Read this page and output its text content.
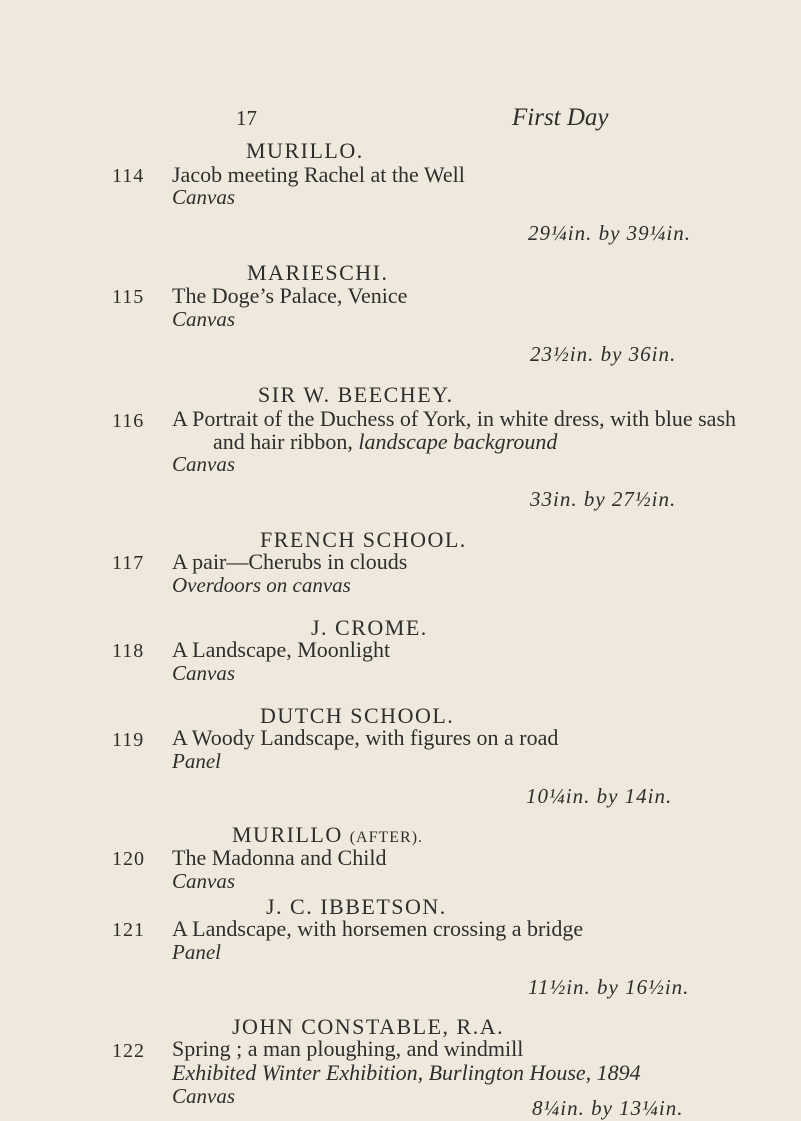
17	First Day
MURILLO.
114 Jacob meeting Rachel at the Well
Canvas
29¼in. by 39¼in.
MARIESCHI.
115 The Doge’s Palace, Venice
Canvas
23½in. by 36in.
SIR W. BEECHEY.
116 A Portrait of the Duchess of York, in white dress, with blue sash
and hair ribbon, landscape background
Canvas
33in. by 27½in.
FRENCH SCHOOL.
117 A pair—Cherubs in clouds
Overdoors on canvas
J. CROME.
118 A Landscape, Moonlight
Canvas
DUTCH SCHOOL.
119 A Woody Landscape, with figures on a road
Panel
10¼in. by 14in.
MURILLO (AFTER).
120 The Madonna and Child
Canvas
J. C. IBBETSON.
121 A Landscape, with horsemen crossing a bridge
Panel
11½in. by 16½in.
JOHN CONSTABLE, R.A.
122 Spring ; a man ploughing, and windmill
Exhibited Winter Exhibition, Burlington House, 1894
Canvas	8¼in. by 13¼in.
